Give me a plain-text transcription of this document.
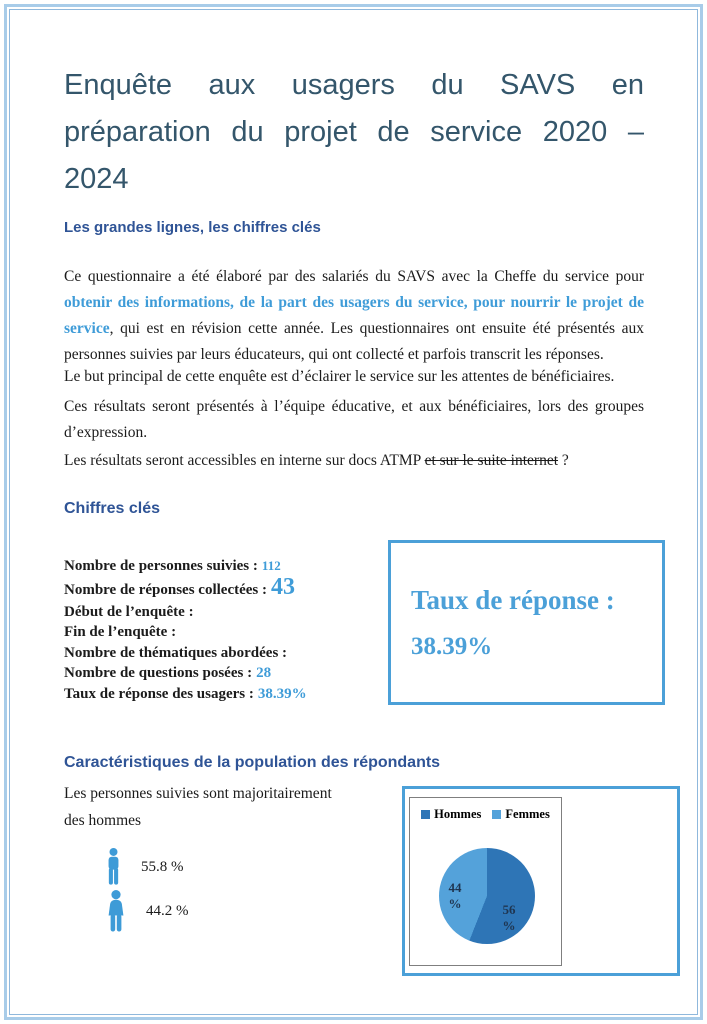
Enquête aux usagers du SAVS en
préparation du projet de service 2020 –
2024
Les grandes lignes, les chiffres clés

Ce questionnaire a été élaboré par des salariés du SAVS avec la Cheffe du service pour obtenir des informations, de la part des usagers du service, pour nourrir le projet de service, qui est en révision cette année. Les questionnaires ont ensuite été présentés aux personnes suivies par leurs éducateurs, qui ont collecté et parfois transcrit les réponses.

Le but principal de cette enquête est d’éclairer le service sur les attentes de bénéficiaires.

Ces résultats seront présentés à l’équipe éducative, et aux bénéficiaires, lors des groupes d’expression.

Les résultats seront accessibles en interne sur docs ATMP et sur le suite internet ?

Chiffres clés
Nombre de personnes suivies : 112
Nombre de réponses collectées : 43
Début de l’enquête :
Fin de l’enquête :
Nombre de thématiques abordées :
Nombre de questions posées : 28
Taux de réponse des usagers : 38.39%
Taux de réponse :
38.39%
Caractéristiques de la population des répondants
Les personnes suivies sont majoritairement
des hommes
55.8 %
44.2 %
Hommes Femmes
44
%	56
%
